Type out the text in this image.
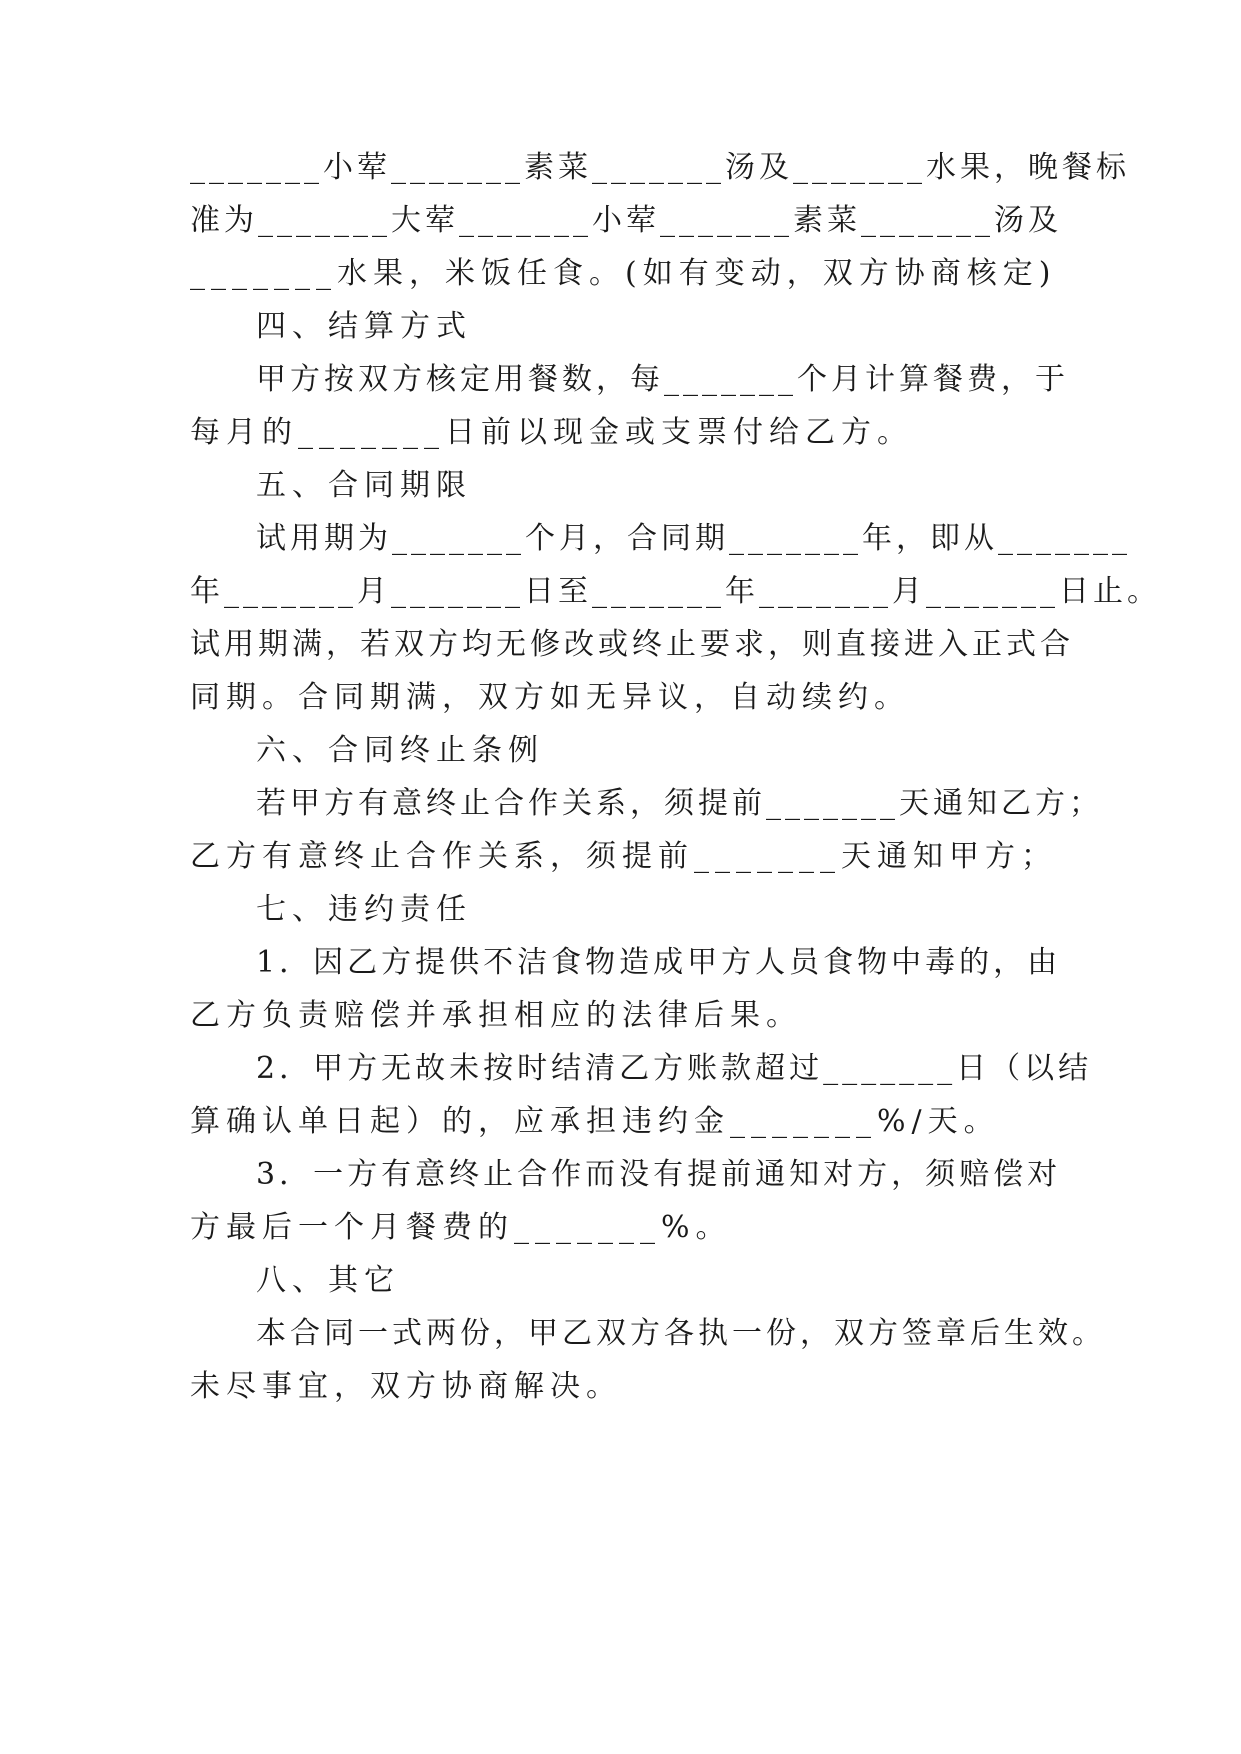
_______小荤_______素菜_______汤及_______水果，晚餐标
准为_______大荤_______小荤_______素菜_______汤及
_______水果，米饭任食。(如有变动，双方协商核定)
四、结算方式
甲方按双方核定用餐数，每_______个月计算餐费，于
每月的_______日前以现金或支票付给乙方。
五、合同期限
试用期为_______个月，合同期_______年，即从_______
年_______月_______日至_______年_______月_______日止。
试用期满，若双方均无修改或终止要求，则直接进入正式合
同期。合同期满，双方如无异议，自动续约。
六、合同终止条例
若甲方有意终止合作关系，须提前_______天通知乙方；
乙方有意终止合作关系，须提前_______天通知甲方；
七、违约责任
1．因乙方提供不洁食物造成甲方人员食物中毒的，由
乙方负责赔偿并承担相应的法律后果。
2．甲方无故未按时结清乙方账款超过_______日（以结
算确认单日起）的，应承担违约金_______%/天。
3．一方有意终止合作而没有提前通知对方，须赔偿对
方最后一个月餐费的_______%。
八、其它
本合同一式两份，甲乙双方各执一份，双方签章后生效。
未尽事宜，双方协商解决。
